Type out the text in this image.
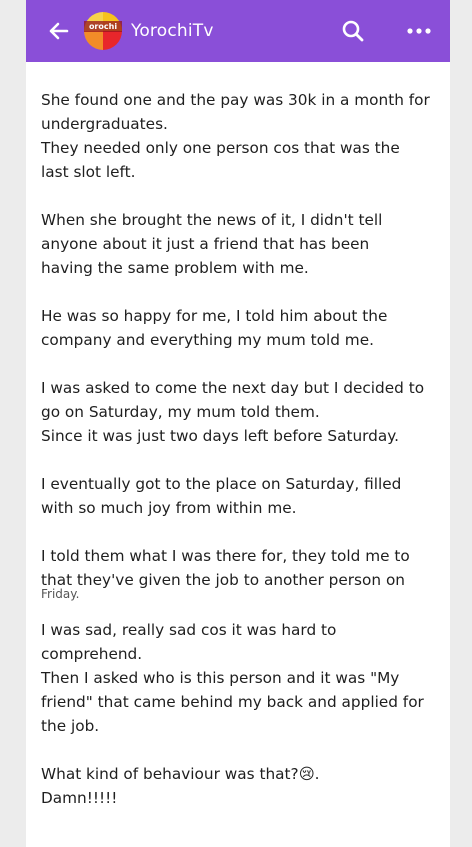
orochi YorochiTv
She found one and the pay was 30k in a month for
undergraduates.
They needed only one person cos that was the
last slot left.
When she brought the news of it, I didn't tell
anyone about it just a friend that has been
having the same problem with me.
He was so happy for me, I told him about the
company and everything my mum told me.
I was asked to come the next day but I decided to
go on Saturday, my mum told them.
Since it was just two days left before Saturday.
I eventually got to the place on Saturday, filled
with so much joy from within me.
I told them what I was there for, they told me to
that they've given the job to another person on
Friday.
I was sad, really sad cos it was hard to
comprehend.
Then I asked who is this person and it was "My
friend" that came behind my back and applied for
the job.
What kind of behaviour was that?😢.
Damn!!!!!
